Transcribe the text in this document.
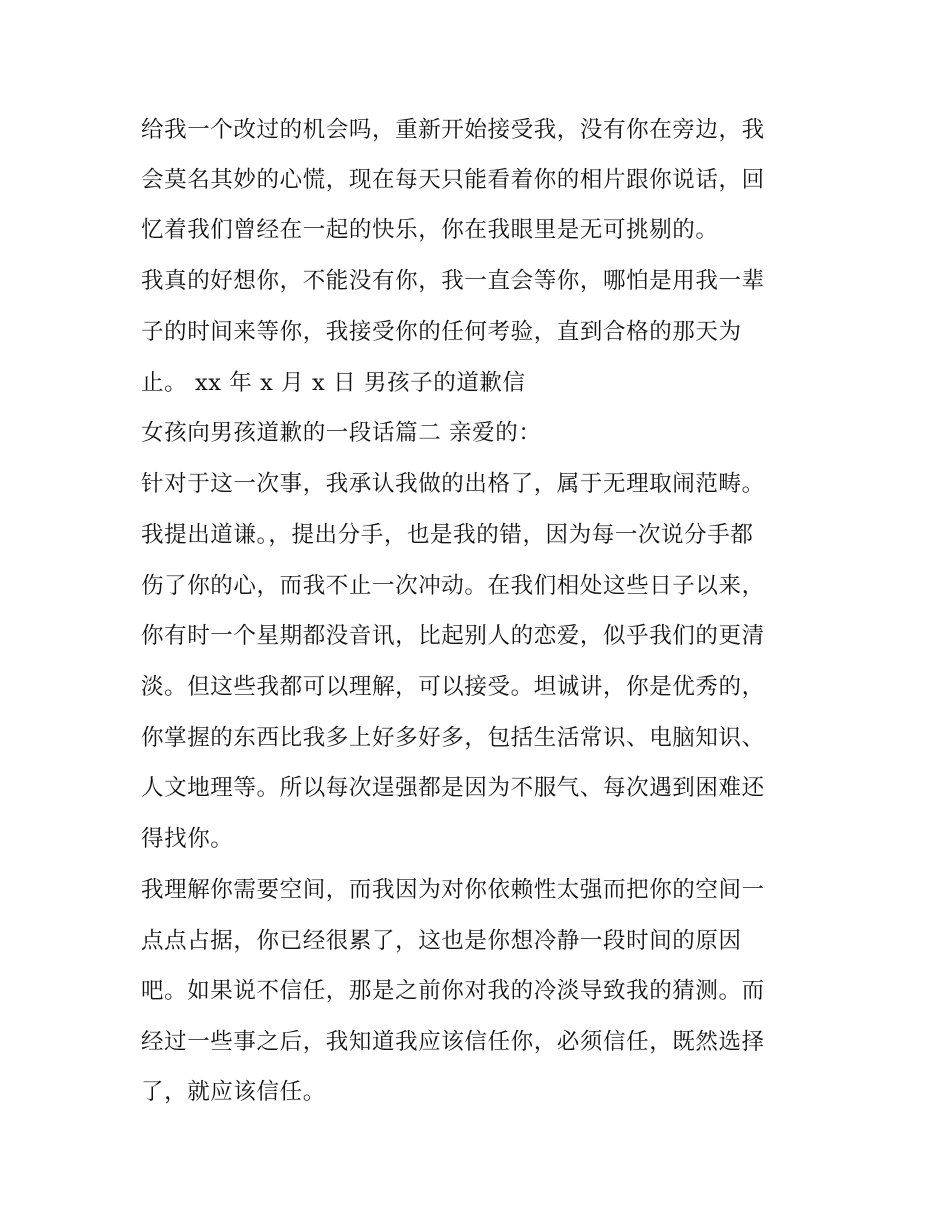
给我一个改过的机会吗，重新开始接受我，没有你在旁边，我

会莫名其妙的心慌，现在每天只能看着你的相片跟你说话，回

忆着我们曾经在一起的快乐，你在我眼里是无可挑剔的。

我真的好想你，不能没有你，我一直会等你，哪怕是用我一辈

子的时间来等你，我接受你的任何考验，直到合格的那天为

止。 xx 年 x 月 x 日 男孩子的道歉信

女孩向男孩道歉的一段话篇二 亲爱的：

针对于这一次事，我承认我做的出格了，属于无理取闹范畴。

我提出道谦。，提出分手，也是我的错，因为每一次说分手都

伤了你的心，而我不止一次冲动。在我们相处这些日子以来，

你有时一个星期都没音讯，比起别人的恋爱，似乎我们的更清

淡。但这些我都可以理解，可以接受。坦诚讲，你是优秀的，

你掌握的东西比我多上好多好多，包括生活常识、电脑知识、

人文地理等。所以每次逞强都是因为不服气、每次遇到困难还

得找你。

我理解你需要空间，而我因为对你依赖性太强而把你的空间一

点点占据，你已经很累了，这也是你想冷静一段时间的原因

吧。如果说不信任，那是之前你对我的冷淡导致我的猜测。而

经过一些事之后，我知道我应该信任你，必须信任，既然选择

了，就应该信任。
